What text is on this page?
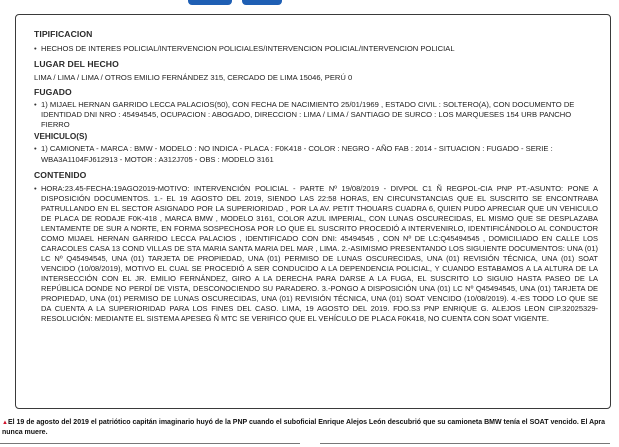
TIPIFICACION
• HECHOS DE INTERES POLICIAL/INTERVENCION POLICIALES/INTERVENCION POLICIAL/INTERVENCION POLICIAL
LUGAR DEL HECHO
LIMA / LIMA / LIMA / OTROS EMILIO FERNÁNDEZ 315, CERCADO DE LIMA 15046, PERÚ 0
FUGADO
• 1) MIJAEL HERNAN GARRIDO LECCA PALACIOS(50), CON FECHA DE NACIMIENTO 25/01/1969 , ESTADO CIVIL : SOLTERO(A), CON DOCUMENTO DE IDENTIDAD DNI NRO : 45494545, OCUPACION : ABOGADO, DIRECCION : LIMA / LIMA / SANTIAGO DE SURCO : LOS MARQUESES 154 URB PANCHO FIERRO
VEHICULO(S)
• 1) CAMIONETA - MARCA : BMW - MODELO : NO INDICA - PLACA : F0K418 - COLOR : NEGRO - AÑO FAB : 2014 - SITUACION : FUGADO - SERIE : WBA3A1104FJ612913 - MOTOR : A312J705 - OBS : MODELO 3161
CONTENIDO
• HORA:23.45-FECHA:19AGO2019-MOTIVO: INTERVENCIÓN POLICIAL - PARTE Nº 19/08/2019 - DIVPOL C1 Ñ REGPOL-CIA PNP PT.-ASUNTO: PONE A DISPOSICIÓN DOCUMENTOS. 1.- EL 19 AGOSTO DEL 2019, SIENDO LAS 22:58 HORAS, EN CIRCUNSTANCIAS QUE EL SUSCRITO SE ENCONTRABA PATRULLANDO EN EL SECTOR ASIGNADO POR LA SUPERIORIDAD , POR LA AV. PETIT THOUARS CUADRA 6, QUIEN PUDO APRECIAR QUE UN VEHICULO DE PLACA DE RODAJE F0K-418 , MARCA BMW , MODELO 3161, COLOR AZUL IMPERIAL, CON LUNAS OSCURECIDAS, EL MISMO QUE SE DESPLAZABA LENTAMENTE DE SUR A NORTE, EN FORMA SOSPECHOSA POR LO QUE EL SUSCRITO PROCEDIÓ A INTERVENIRLO, IDENTIFICÁNDOLO AL CONDUCTOR COMO MIJAEL HERNAN GARRIDO LECCA PALACIOS , IDENTIFICADO CON DNI: 45494545 , CON Nº DE LC:Q45494545 , DOMICILIADO EN CALLE LOS CARACOLES CASA 13 COND VILLAS DE STA MARIA SANTA MARIA DEL MAR , LIMA. 2.-ASIMISMO PRESENTANDO LOS SIGUIENTE DOCUMENTOS: UNA (01) LC Nº Q45494545, UNA (01) TARJETA DE PROPIEDAD, UNA (01) PERMISO DE LUNAS OSCURECIDAS, UNA (01) REVISIÓN TÉCNICA, UNA (01) SOAT VENCIDO (10/08/2019), MOTIVO EL CUAL SE PROCEDIÓ A SER CONDUCIDO A LA DEPENDENCIA POLICIAL, Y CUANDO ESTABAMOS A LA ALTURA DE LA INTERSECCIÓN CON EL JR. EMILIO FERNÁNDEZ, GIRO A LA DERECHA PARA DARSE A LA FUGA, EL SUSCRITO LO SIGUIO HASTA PASEO DE LA REPÚBLICA DONDE NO PERDÍ DE VISTA, DESCONOCIENDO SU PARADERO. 3.-PONGO A DISPOSICIÓN UNA (01) LC Nº Q45494545, UNA (01) TARJETA DE PROPIEDAD, UNA (01) PERMISO DE LUNAS OSCURECIDAS, UNA (01) REVISIÓN TÉCNICA, UNA (01) SOAT VENCIDO (10/08/2019). 4.-ES TODO LO QUE SE DA CUENTA A LA SUPERIORIDAD PARA LOS FINES DEL CASO. LIMA, 19 AGOSTO DEL 2019. FDO.S3 PNP ENRIQUE G. ALEJOS LEON CIP.32025329-RESOLUCIÓN: MEDIANTE EL SISTEMA APESEG Ñ MTC SE VERIFICO QUE EL VEHÍCULO DE PLACA F0K418, NO CUENTA CON SOAT VIGENTE.
▲El 19 de agosto del 2019 el patriótico capitán imaginario huyó de la PNP cuando el suboficial Enrique Alejos León descubrió que su camioneta BMW tenía el SOAT vencido. El Apra nunca muere.
